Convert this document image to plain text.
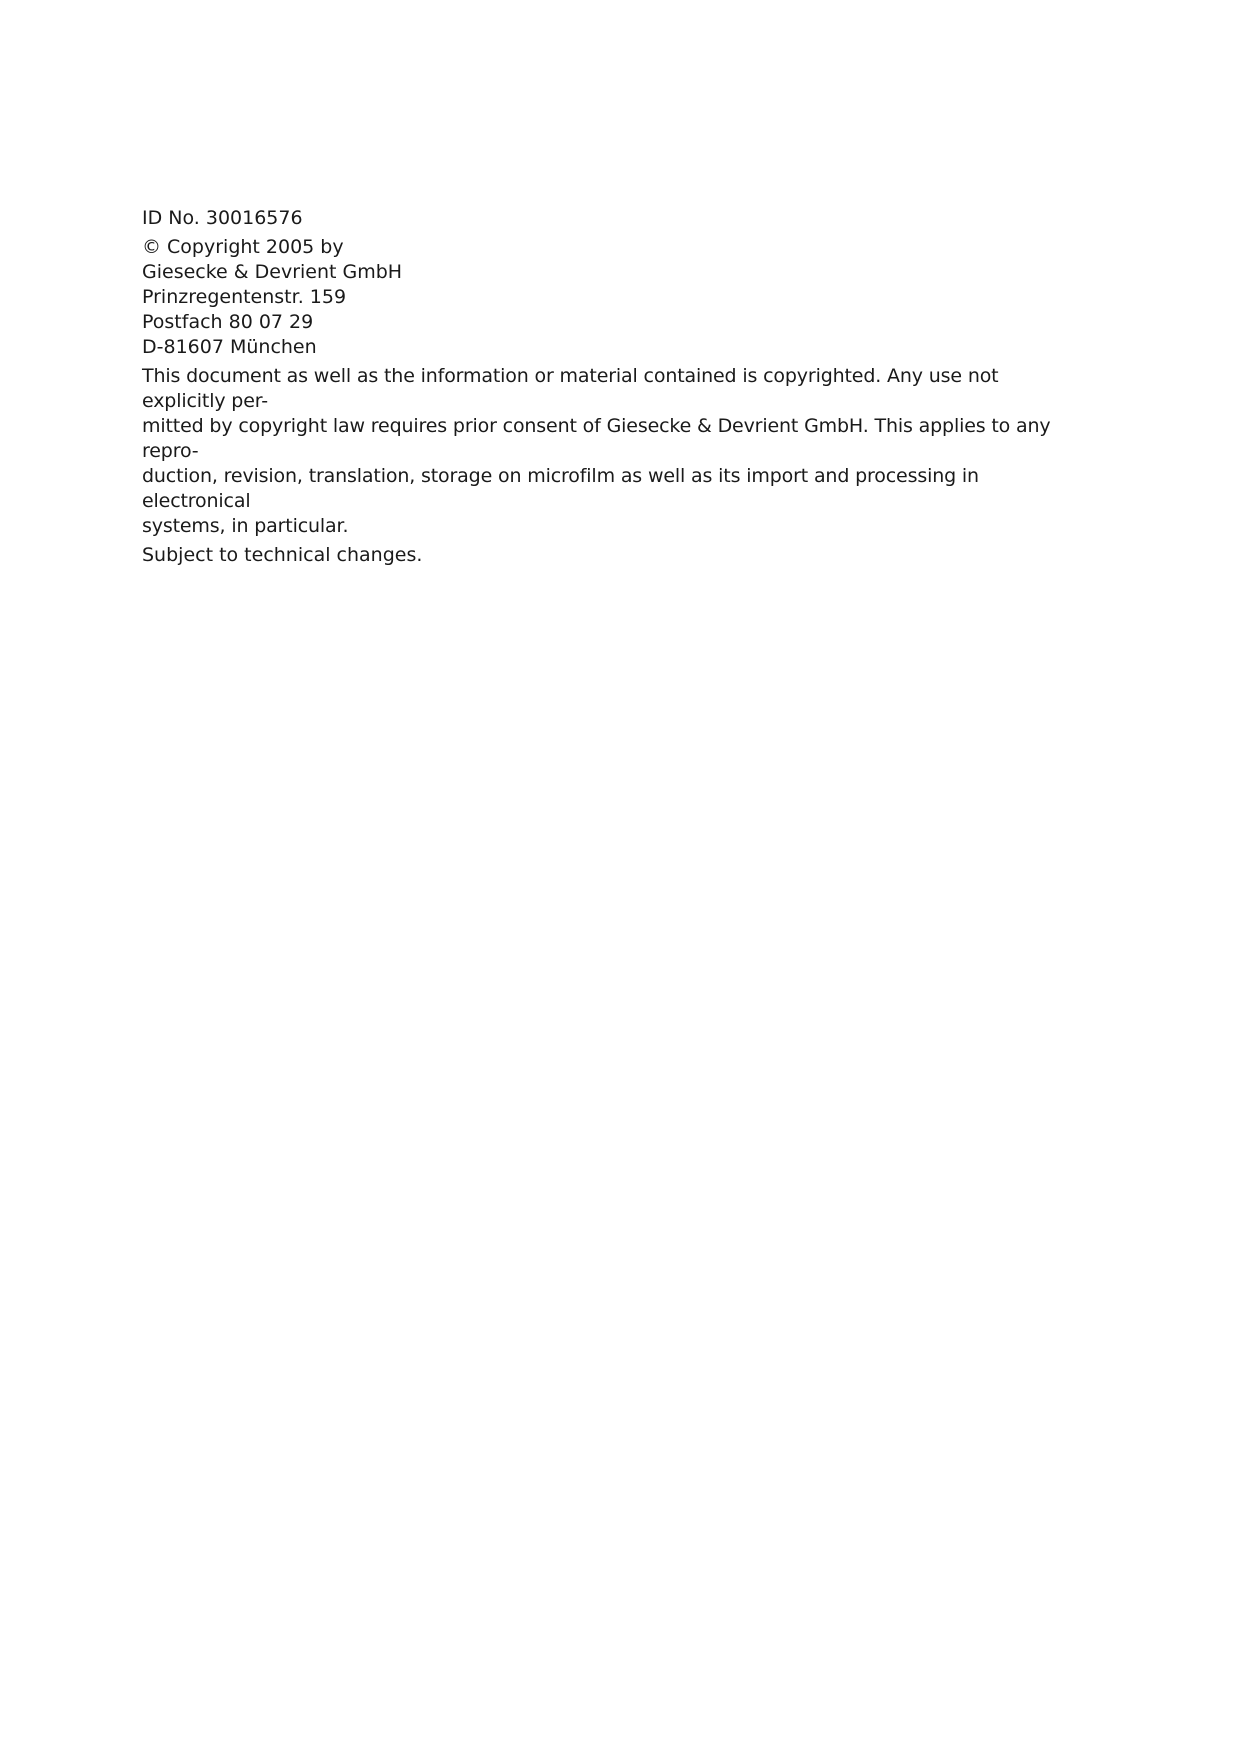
ID No. 30016576

© Copyright 2005 by
Giesecke & Devrient GmbH
Prinzregentenstr. 159
Postfach 80 07 29
D-81607 München

This document as well as the information or material contained is copyrighted. Any use not explicitly per-
mitted by copyright law requires prior consent of Giesecke & Devrient GmbH. This applies to any repro-
duction, revision, translation, storage on microfilm as well as its import and processing in electronical
systems, in particular.

Subject to technical changes.
